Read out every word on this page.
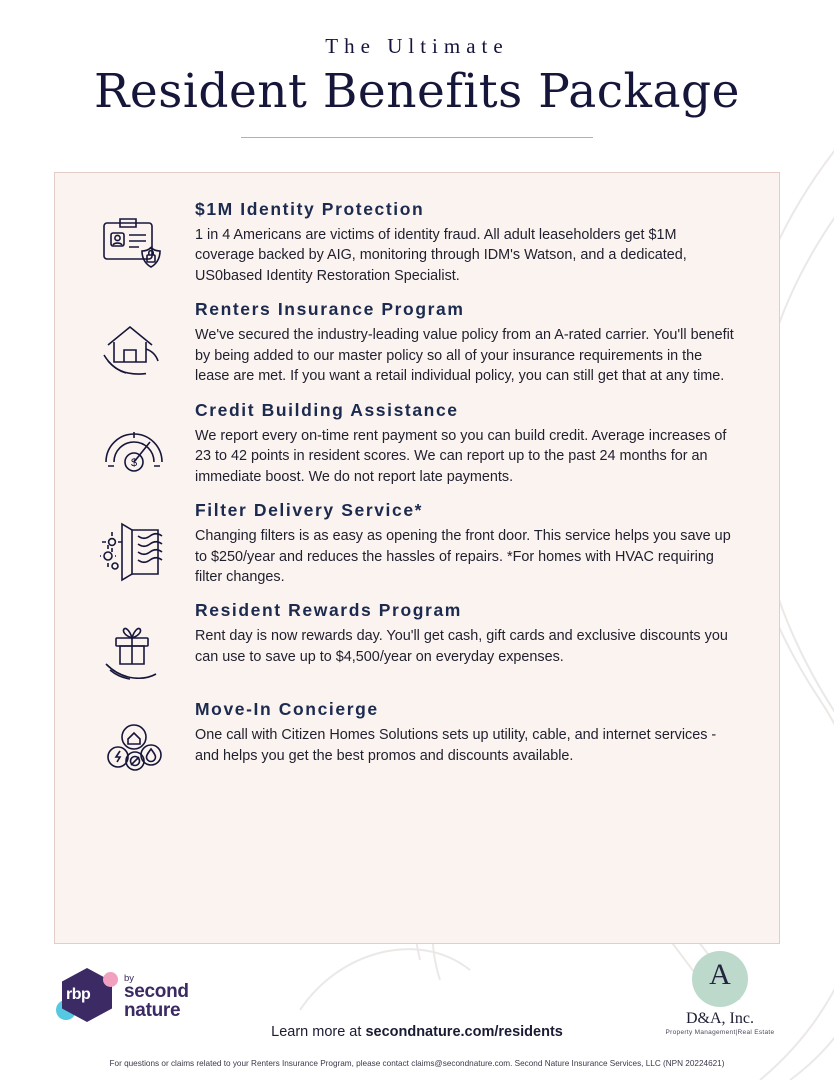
The Ultimate
Resident Benefits Package
$1M Identity Protection
1 in 4 Americans are victims of identity fraud. All adult leaseholders get $1M coverage backed by AIG, monitoring through IDM's Watson, and a dedicated, US0based Identity Restoration Specialist.
Renters Insurance Program
We've secured the industry-leading value policy from an A-rated carrier. You'll benefit by being added to our master policy so all of your insurance requirements in the lease are met. If you want a retail individual policy, you can still get that at any time.
$
Credit Building Assistance
We report every on-time rent payment so you can build credit. Average increases of 23 to 42 points in resident scores. We can report up to the past 24 months for an immediate boost. We do not report late payments.
Filter Delivery Service*
Changing filters is as easy as opening the front door. This service helps you save up to $250/year and reduces the hassles of repairs. *For homes with HVAC requiring filter changes.
Resident Rewards Program
Rent day is now rewards day. You'll get cash, gift cards and exclusive discounts you can use to save up to $4,500/year on everyday expenses.
Move-In Concierge
One call with Citizen Homes Solutions sets up utility, cable, and internet services - and helps you get the best promos and discounts available.
rbp
by
second
nature
A
D&A, Inc.
Property Management|Real Estate
Learn more at secondnature.com/residents
For questions or claims related to your Renters Insurance Program, please contact claims@secondnature.com. Second Nature Insurance Services, LLC (NPN 20224621)
